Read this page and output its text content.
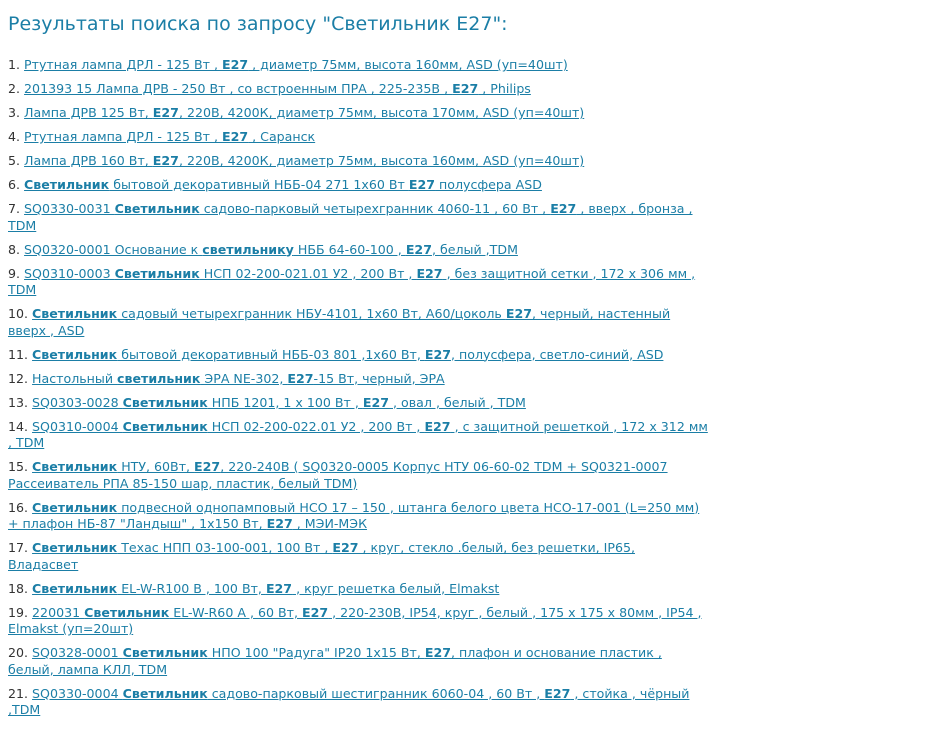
Результаты поиска по запросу "Светильник E27":
1. Ртутная лампа ДРЛ - 125 Вт , E27 , диаметр 75мм, высота 160мм, ASD (уп=40шт)
2. 201393 15 Лампа ДРВ - 250 Вт , со встроенным ПРА , 225-235В , E27 , Philips
3. Лампа ДРВ 125 Вт, E27, 220В, 4200К, диаметр 75мм, высота 170мм, ASD (уп=40шт)
4. Ртутная лампа ДРЛ - 125 Вт , E27 , Саранск
5. Лампа ДРВ 160 Вт, E27, 220В, 4200К, диаметр 75мм, высота 160мм, ASD (уп=40шт)
6. Светильник бытовой декоративный НББ-04 271 1x60 Вт E27 полусфера ASD
7. SQ0330-0031 Светильник садово-парковый четырехгранник 4060-11 , 60 Вт , E27 , вверх , бронза , TDM
8. SQ0320-0001 Основание к светильнику НББ 64-60-100 , E27, белый ,TDM
9. SQ0310-0003 Светильник НСП 02-200-021.01 У2 , 200 Вт , E27 , без защитной сетки , 172 х 306 мм , TDM
10. Светильник садовый четырехгранник НБУ-4101, 1х60 Вт, А60/цоколь E27, черный, настенный вверх , ASD
11. Светильник бытовой декоративный НББ-03 801 ,1x60 Вт, E27, полусфера, светло-синий, ASD
12. Настольный светильник ЭРА NE-302, E27-15 Вт, черный, ЭРА
13. SQ0303-0028 Светильник НПБ 1201, 1 х 100 Вт , E27 , овал , белый , TDM
14. SQ0310-0004 Светильник НСП 02-200-022.01 У2 , 200 Вт , E27 , с защитной решеткой , 172 х 312 мм , TDM
15. Светильник НТУ, 60Вт, E27, 220-240В ( SQ0320-0005 Корпус НТУ 06-60-02 TDM + SQ0321-0007 Рассеиватель РПА 85-150 шар, пластик, белый TDM)
16. Светильник подвесной однопамповый НСО 17 – 150 , штанга белого цвета НСО-17-001 (L=250 мм) + плафон НБ-87 "Ландыш" , 1х150 Вт, E27 , МЭИ-МЭК
17. Светильник Техас НПП 03-100-001, 100 Вт , E27 , круг, стекло .белый, без решетки, IP65, Владасвет
18. Светильник EL-W-R100 В , 100 Вт, E27 , круг решетка белый, Elmakst
19. 220031 Светильник EL-W-R60 А , 60 Вт, E27 , 220-230В, IP54, круг , белый , 175 х 175 х 80мм , IP54 , Elmakst (уп=20шт)
20. SQ0328-0001 Светильник НПО 100 "Радуга" IP20 1х15 Вт, E27, плафон и основание пластик , белый, лампа КЛЛ, TDM
21. SQ0330-0004 Светильник садово-парковый шестигранник 6060-04 , 60 Вт , E27 , стойка , чёрный ,TDM
